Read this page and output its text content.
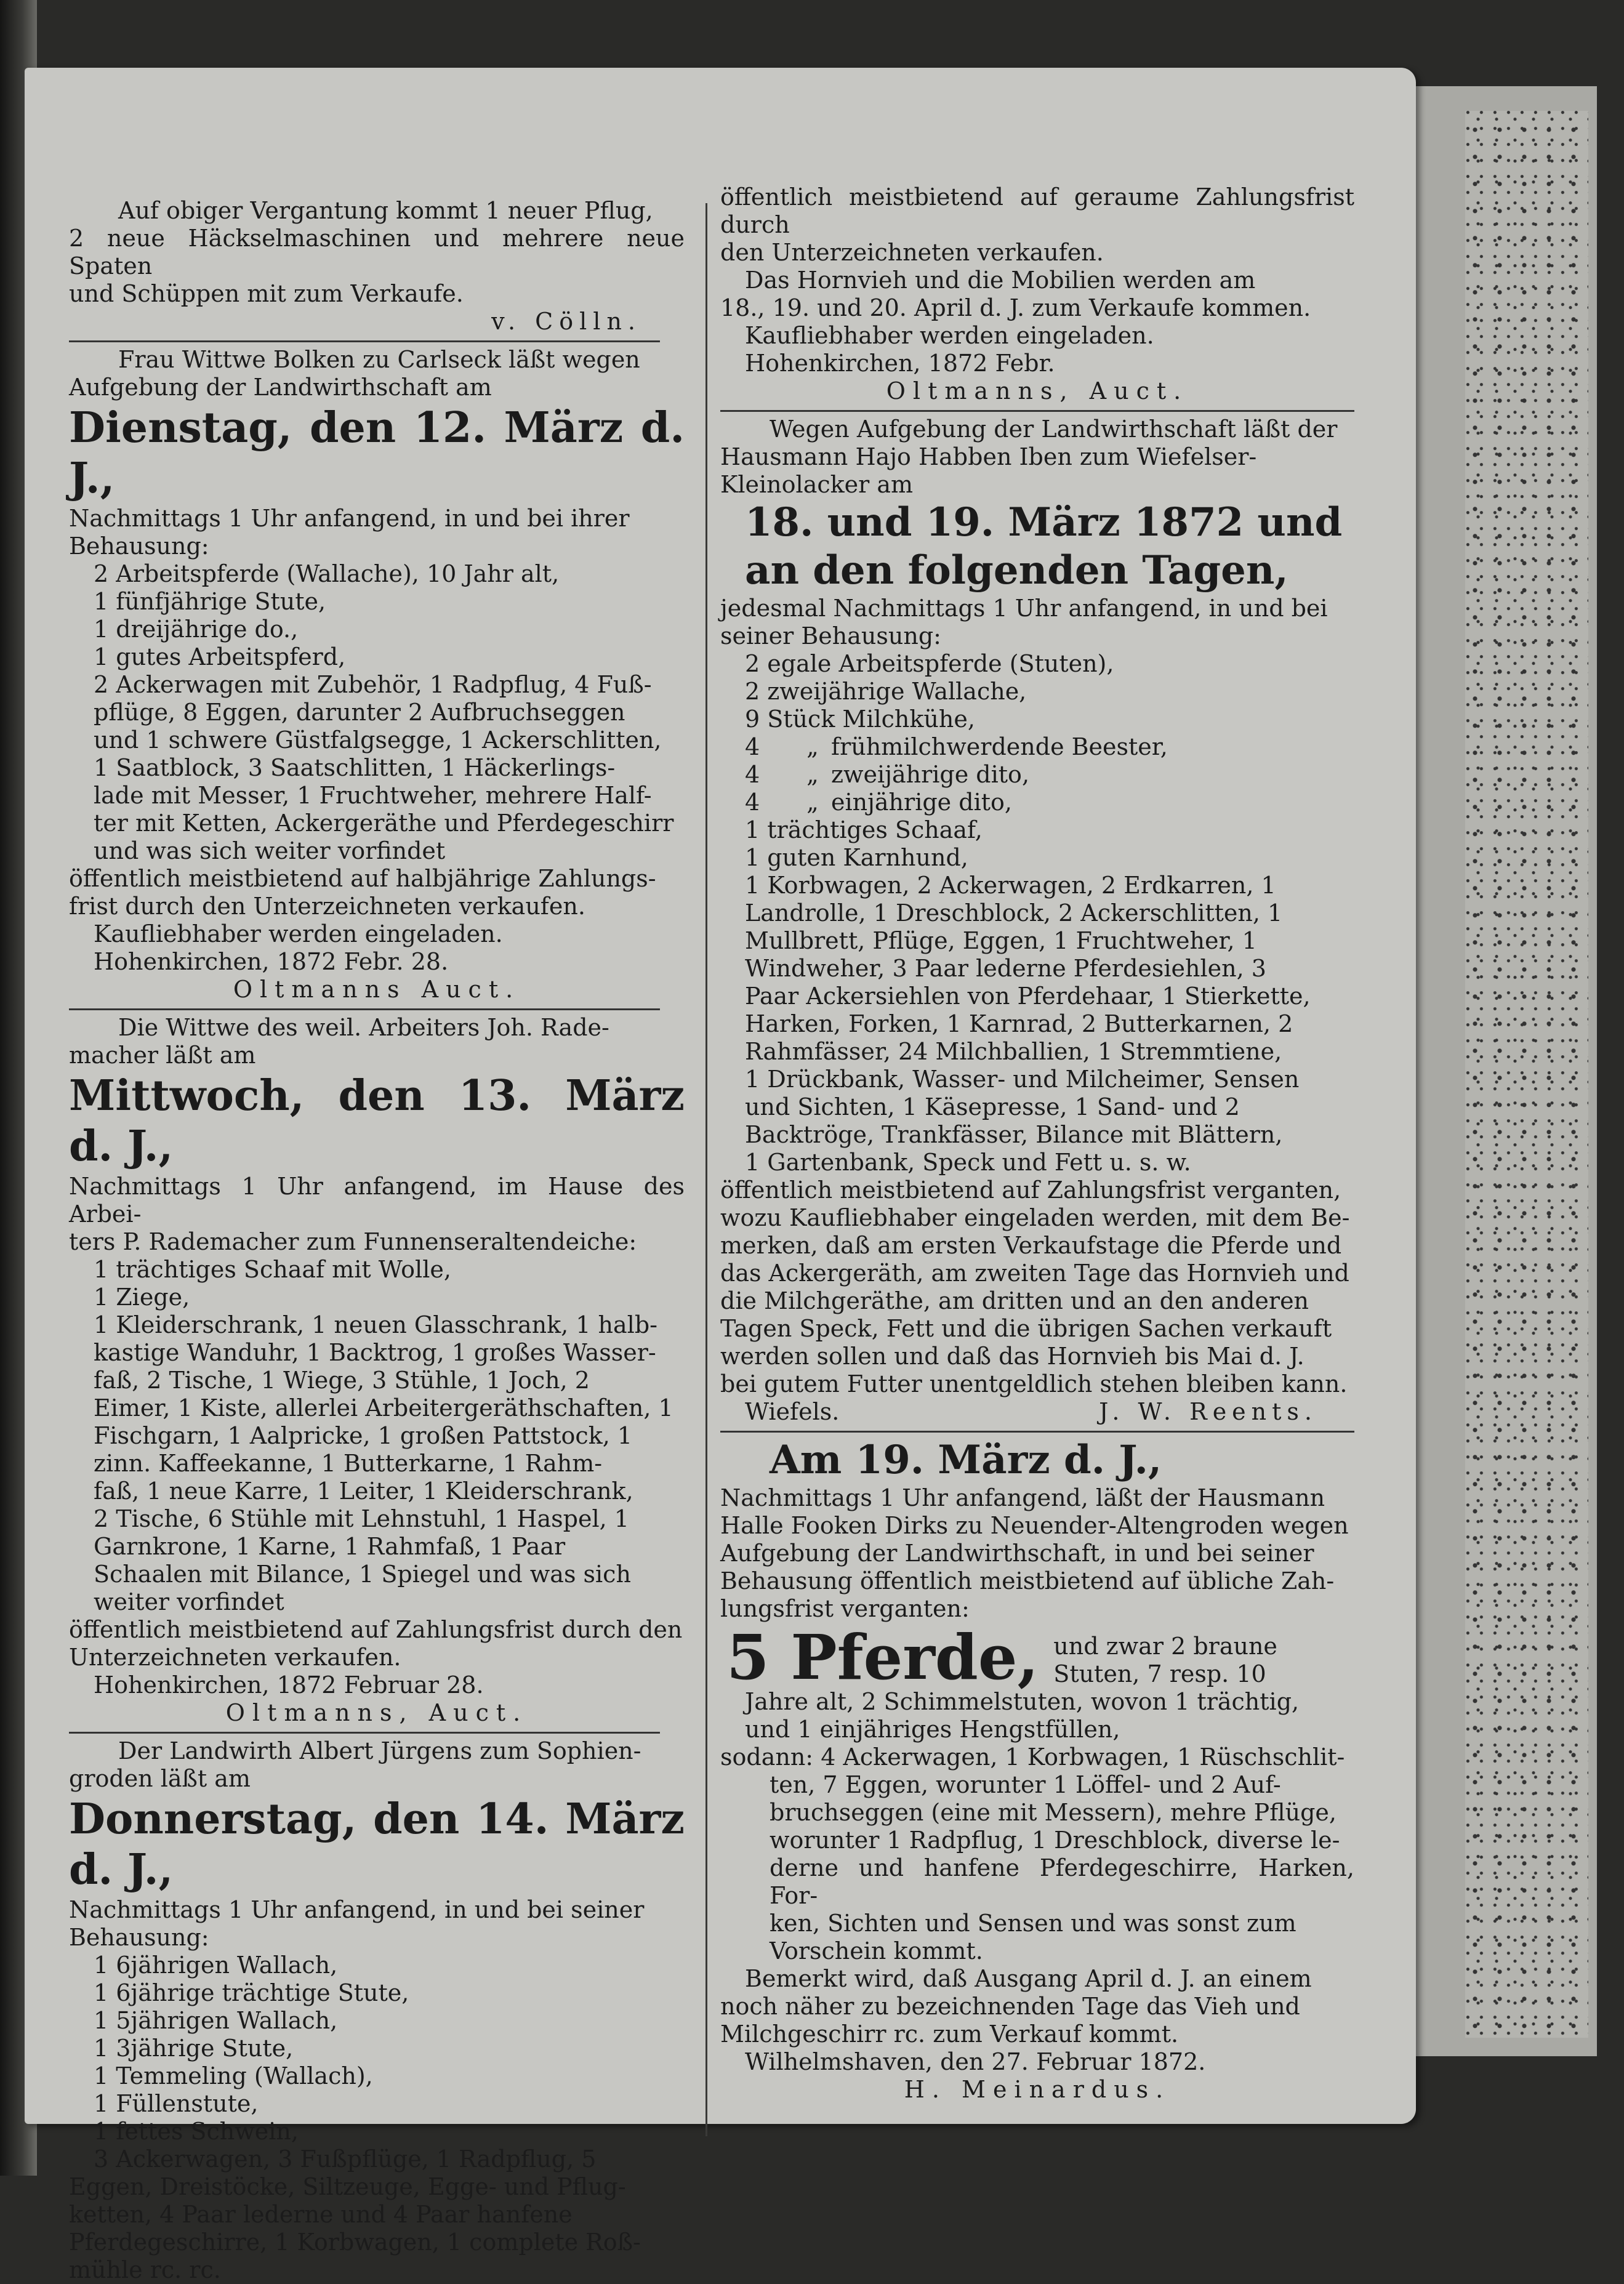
Auf obiger Vergantung kommt 1 neuer Pflug,

2 neue Häckselmaschinen und mehrere neue Spaten

und Schüppen mit zum Verkaufe.

v. Cölln.

Frau Wittwe Bolken zu Carlseck läßt wegen

Aufgebung der Landwirthschaft am

Dienstag, den 12. März d. J.,

Nachmittags 1 Uhr anfangend, in und bei ihrer

Behausung:

2 Arbeitspferde (Wallache), 10 Jahr alt,

1 fünfjährige Stute,

1 dreijährige do.,

1 gutes Arbeitspferd,

2 Ackerwagen mit Zubehör, 1 Radpflug, 4 Fuß-

pflüge, 8 Eggen, darunter 2 Aufbruchseggen

und 1 schwere Güstfalgsegge, 1 Ackerschlitten,

1 Saatblock, 3 Saatschlitten, 1 Häckerlings-

lade mit Messer, 1 Fruchtweher, mehrere Half-

ter mit Ketten, Ackergeräthe und Pferdegeschirr

und was sich weiter vorfindet

öffentlich meistbietend auf halbjährige Zahlungs-

frist durch den Unterzeichneten verkaufen.

Kaufliebhaber werden eingeladen.

Hohenkirchen, 1872 Febr. 28.

Oltmanns Auct.

Die Wittwe des weil. Arbeiters Joh. Rade-

macher läßt am

Mittwoch, den 13. März d. J.,

Nachmittags 1 Uhr anfangend, im Hause des Arbei-

ters P. Rademacher zum Funnenseraltendeiche:

1 trächtiges Schaaf mit Wolle,

1 Ziege,

1 Kleiderschrank, 1 neuen Glasschrank, 1 halb-

kastige Wanduhr, 1 Backtrog, 1 großes Wasser-

faß, 2 Tische, 1 Wiege, 3 Stühle, 1 Joch, 2

Eimer, 1 Kiste, allerlei Arbeitergeräthschaften, 1

Fischgarn, 1 Aalpricke, 1 großen Pattstock, 1

zinn. Kaffeekanne, 1 Butterkarne, 1 Rahm-

faß, 1 neue Karre, 1 Leiter, 1 Kleiderschrank,

2 Tische, 6 Stühle mit Lehnstuhl, 1 Haspel, 1

Garnkrone, 1 Karne, 1 Rahmfaß, 1 Paar

Schaalen mit Bilance, 1 Spiegel und was sich

weiter vorfindet

öffentlich meistbietend auf Zahlungsfrist durch den

Unterzeichneten verkaufen.

Hohenkirchen, 1872 Februar 28.

Oltmanns, Auct.

Der Landwirth Albert Jürgens zum Sophien-

groden läßt am

Donnerstag, den 14. März d. J.,

Nachmittags 1 Uhr anfangend, in und bei seiner

Behausung:

1 6jährigen Wallach,

1 6jährige trächtige Stute,

1 5jährigen Wallach,

1 3jährige Stute,

1 Temmeling (Wallach),

1 Füllenstute,

1 fettes Schwein,

3 Ackerwagen, 3 Fußpflüge, 1 Radpflug, 5

Eggen, Dreistöcke, Siltzeuge, Egge- und Pflug-

ketten, 4 Paar lederne und 4 Paar hanfene

Pferdegeschirre, 1 Korbwagen, 1 complete Roß-

mühle rc. rc.

öffentlich meistbietend auf geraume Zahlungsfrist durch

den Unterzeichneten verkaufen.

Das Hornvieh und die Mobilien werden am

18., 19. und 20. April d. J. zum Verkaufe kommen.

Kaufliebhaber werden eingeladen.

Hohenkirchen, 1872 Febr.

Oltmanns, Auct.

Wegen Aufgebung der Landwirthschaft läßt der

Hausmann Hajo Habben Iben zum Wiefelser-

Kleinolacker am

18. und 19. März 1872 und

an den folgenden Tagen,

jedesmal Nachmittags 1 Uhr anfangend, in und bei

seiner Behausung:

2 egale Arbeitspferde (Stuten),

2 zweijährige Wallache,

9 Stück Milchkühe,

4	„ frühmilchwerdende Beester,
4	„ zweijährige dito,
4	„ einjährige dito,

1 trächtiges Schaaf,

1 guten Karnhund,

1 Korbwagen, 2 Ackerwagen, 2 Erdkarren, 1

Landrolle, 1 Dreschblock, 2 Ackerschlitten, 1

Mullbrett, Pflüge, Eggen, 1 Fruchtweher, 1

Windweher, 3 Paar lederne Pferdesiehlen, 3

Paar Ackersiehlen von Pferdehaar, 1 Stierkette,

Harken, Forken, 1 Karnrad, 2 Butterkarnen, 2

Rahmfässer, 24 Milchballien, 1 Stremmtiene,

1 Drückbank, Wasser- und Milcheimer, Sensen

und Sichten, 1 Käsepresse, 1 Sand- und 2

Backtröge, Trankfässer, Bilance mit Blättern,

1 Gartenbank, Speck und Fett u. s. w.

öffentlich meistbietend auf Zahlungsfrist verganten,

wozu Kaufliebhaber eingeladen werden, mit dem Be-

merken, daß am ersten Verkaufstage die Pferde und

das Ackergeräth, am zweiten Tage das Hornvieh und

die Milchgeräthe, am dritten und an den anderen

Tagen Speck, Fett und die übrigen Sachen verkauft

werden sollen und daß das Hornvieh bis Mai d. J.

bei gutem Futter unentgeldlich stehen bleiben kann.

Wiefels.	J. W. Reents.

Am 19. März d. J.,

Nachmittags 1 Uhr anfangend, läßt der Hausmann

Halle Fooken Dirks zu Neuender-Altengroden wegen

Aufgebung der Landwirthschaft, in und bei seiner

Behausung öffentlich meistbietend auf übliche Zah-

lungsfrist verganten:

5 Pferde, und zwar 2 braune

Stuten, 7 resp. 10

Jahre alt, 2 Schimmelstuten, wovon 1 trächtig,

und 1 einjähriges Hengstfüllen,

sodann: 4 Ackerwagen, 1 Korbwagen, 1 Rüschschlit-

ten, 7 Eggen, worunter 1 Löffel- und 2 Auf-

bruchseggen (eine mit Messern), mehre Pflüge,

worunter 1 Radpflug, 1 Dreschblock, diverse le-

derne und hanfene Pferdegeschirre, Harken, For-

ken, Sichten und Sensen und was sonst zum

Vorschein kommt.

Bemerkt wird, daß Ausgang April d. J. an einem

noch näher zu bezeichnenden Tage das Vieh und

Milchgeschirr rc. zum Verkauf kommt.

Wilhelmshaven, den 27. Februar 1872.

H. Meinardus.
